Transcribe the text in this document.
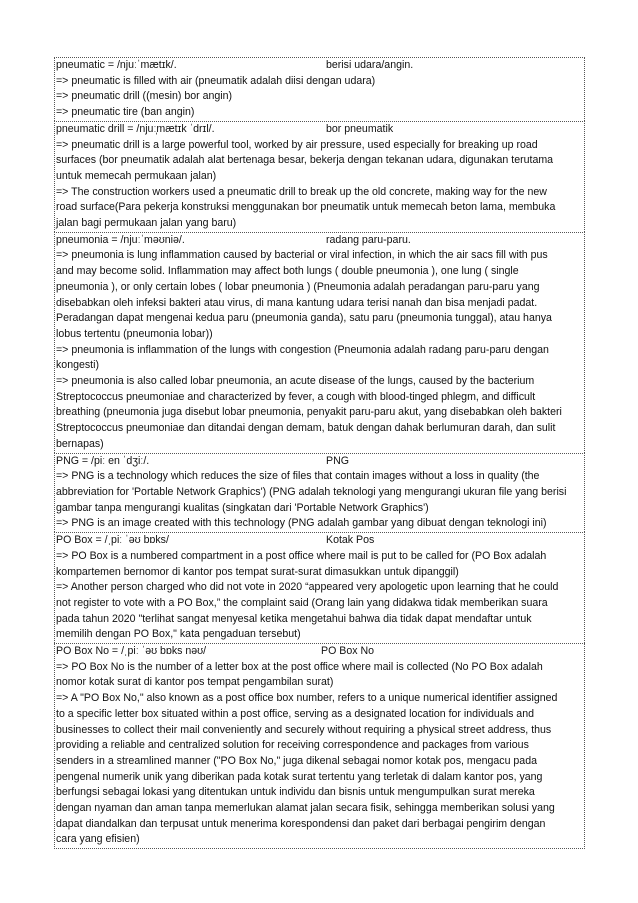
pneumatic = /njuːˈmætɪk/.	berisi udara/angin.
=> pneumatic is filled with air (pneumatik adalah diisi dengan udara)
=> pneumatic drill ((mesin) bor angin)
=> pneumatic tire (ban angin)
pneumatic drill = /njuː̩mætɪk ˈdrɪl/.	bor pneumatik
=> pneumatic drill is a large powerful tool, worked by air pressure, used especially for breaking up road
surfaces (bor pneumatik adalah alat bertenaga besar, bekerja dengan tekanan udara, digunakan terutama
untuk memecah permukaan jalan)
=> The construction workers used a pneumatic drill to break up the old concrete, making way for the new
road surface(Para pekerja konstruksi menggunakan bor pneumatik untuk memecah beton lama, membuka
jalan bagi permukaan jalan yang baru)
pneumonia = /njuːˈməʊniə/.	radang paru-paru.
=> pneumonia is lung inflammation caused by bacterial or viral infection, in which the air sacs fill with pus
and may become solid. Inflammation may affect both lungs ( double pneumonia ), one lung ( single
pneumonia ), or only certain lobes ( lobar pneumonia ) (Pneumonia adalah peradangan paru-paru yang
disebabkan oleh infeksi bakteri atau virus, di mana kantung udara terisi nanah dan bisa menjadi padat.
Peradangan dapat mengenai kedua paru (pneumonia ganda), satu paru (pneumonia tunggal), atau hanya
lobus tertentu (pneumonia lobar))
=> pneumonia is inflammation of the lungs with congestion (Pneumonia adalah radang paru-paru dengan
kongesti)
=> pneumonia is also called lobar pneumonia, an acute disease of the lungs, caused by the bacterium
Streptococcus pneumoniae and characterized by fever, a cough with blood-tinged phlegm, and difficult
breathing (pneumonia juga disebut lobar pneumonia, penyakit paru-paru akut, yang disebabkan oleh bakteri
Streptococcus pneumoniae dan ditandai dengan demam, batuk dengan dahak berlumuran darah, dan sulit
bernapas)
PNG = /piː en ˈdʒiː/.	PNG
=> PNG is a technology which reduces the size of files that contain images without a loss in quality (the
abbreviation for 'Portable Network Graphics') (PNG adalah teknologi yang mengurangi ukuran file yang berisi
gambar tanpa mengurangi kualitas (singkatan dari 'Portable Network Graphics')
=> PNG is an image created with this technology (PNG adalah gambar yang dibuat dengan teknologi ini)
PO Box = /ˌpiː ˈəʊ bɒks/	Kotak Pos
=> PO Box is a numbered compartment in a post office where mail is put to be called for (PO Box adalah
kompartemen bernomor di kantor pos tempat surat-surat dimasukkan untuk dipanggil)
=> Another person charged who did not vote in 2020 “appeared very apologetic upon learning that he could
not register to vote with a PO Box,” the complaint said (Orang lain yang didakwa tidak memberikan suara
pada tahun 2020 "terlihat sangat menyesal ketika mengetahui bahwa dia tidak dapat mendaftar untuk
memilih dengan PO Box," kata pengaduan tersebut)
PO Box No = /ˌpiː ˈəʊ bɒks nəʊ/	PO Box No
=> PO Box No is the number of a letter box at the post office where mail is collected (No PO Box adalah
nomor kotak surat di kantor pos tempat pengambilan surat)
=> A "PO Box No," also known as a post office box number, refers to a unique numerical identifier assigned
to a specific letter box situated within a post office, serving as a designated location for individuals and
businesses to collect their mail conveniently and securely without requiring a physical street address, thus
providing a reliable and centralized solution for receiving correspondence and packages from various
senders in a streamlined manner ("PO Box No," juga dikenal sebagai nomor kotak pos, mengacu pada
pengenal numerik unik yang diberikan pada kotak surat tertentu yang terletak di dalam kantor pos, yang
berfungsi sebagai lokasi yang ditentukan untuk individu dan bisnis untuk mengumpulkan surat mereka
dengan nyaman dan aman tanpa memerlukan alamat jalan secara fisik, sehingga memberikan solusi yang
dapat diandalkan dan terpusat untuk menerima korespondensi dan paket dari berbagai pengirim dengan
cara yang efisien)
